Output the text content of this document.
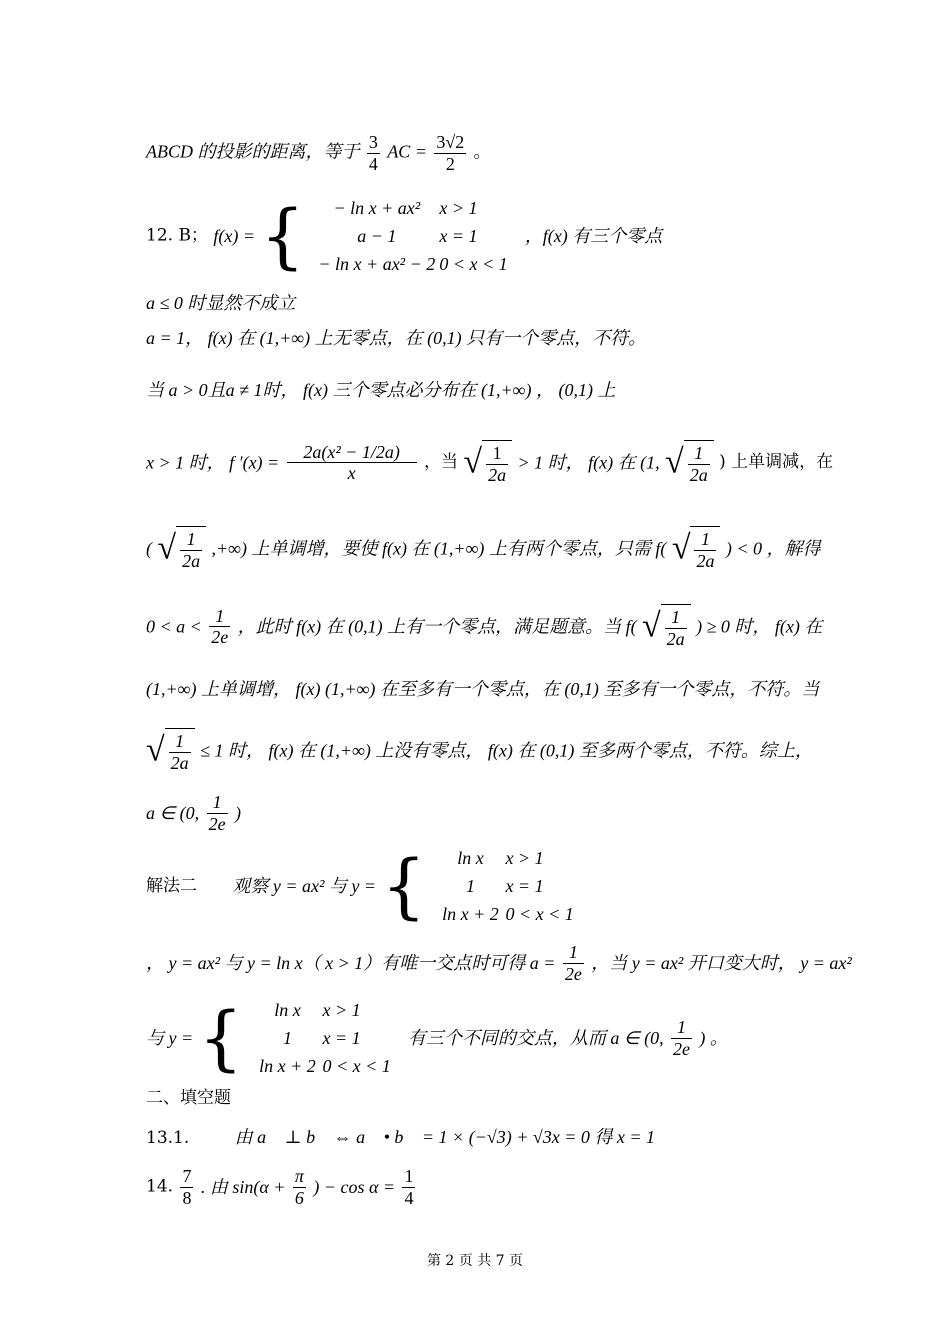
ABCD 的投影的距离，等于 $\frac{3}{4}$ AC = $\frac{3√2}{2}$ 。
12. B； f(x) = {	− ln x + ax² x > 1
a − 1 x = 1
− ln x + ax² − 2 0 < x < 1
，f(x) 有三个零点
a ≤ 0 时显然不成立
a = 1， f(x) 在 (1,+∞) 上无零点，在 (0,1) 只有一个零点，不符。
当 a > 0且a ≠ 1时， f(x) 三个零点必分布在 (1,+∞) ， (0,1) 上
x > 1 时， f $'(x) = \frac{\text{2a(x² − 1/2a)}}{x}$ ，当 √ $\frac{1}{2a} > 1$ 时， f(x) 在 (1, √ $\frac{1}{2a}$ ) 上单调减，在
( √ $\frac{1}{2a}$ ,+∞) 上单调增，要使 f(x) 在 (1,+∞) 上有两个零点，只需 f( √ $\frac{1}{2a}$ ) < 0 ，解得
$0 < a < \frac{1}{2e}$ ，此时 f(x) 在 (0,1) 上有一个零点，满足题意。当 f( √ $\frac{1}{2a}$ ) ≥ 0 时， f(x) 在
(1,+∞) 上单调增， f(x) (1,+∞) 在至多有一个零点，在 (0,1) 至多有一个零点，不符。当
√ $\frac{1}{2a} \le 1$ 时， f(x) 在 (1,+∞) 上没有零点， f(x) 在 (0,1) 至多两个零点，不符。综上，
a ∈ (0, $\frac{1}{2e}$ )
解法二 观察 y = ax² 与 y = {	ln x x > 1
1 x = 1
ln x + 2 0 < x < 1
， y = ax² 与 y = ln x（ x > 1）有唯一交点时可得 $a = \frac{1}{2e}$ ，当 y = ax² 开口变大时， y = ax²
与 y = {	ln x x > 1
1 x = 1
ln x + 2 0 < x < 1
有三个不同的交点，从而 a ∈ (0, $\frac{1}{2e}$ ) 。
二、填空题
13.1.	由 a⃗ ⊥ b⃗ ⇔ a⃗ • b⃗ = 1 × (−√3) + √3x = 0 得 x = 1
14. $\frac{7}{8}$ . 由 $\sin(\alpha + \frac{\pi}{6}$ ) − $\cos \alpha = \frac{1}{4}$
第 2 页 共 7 页
